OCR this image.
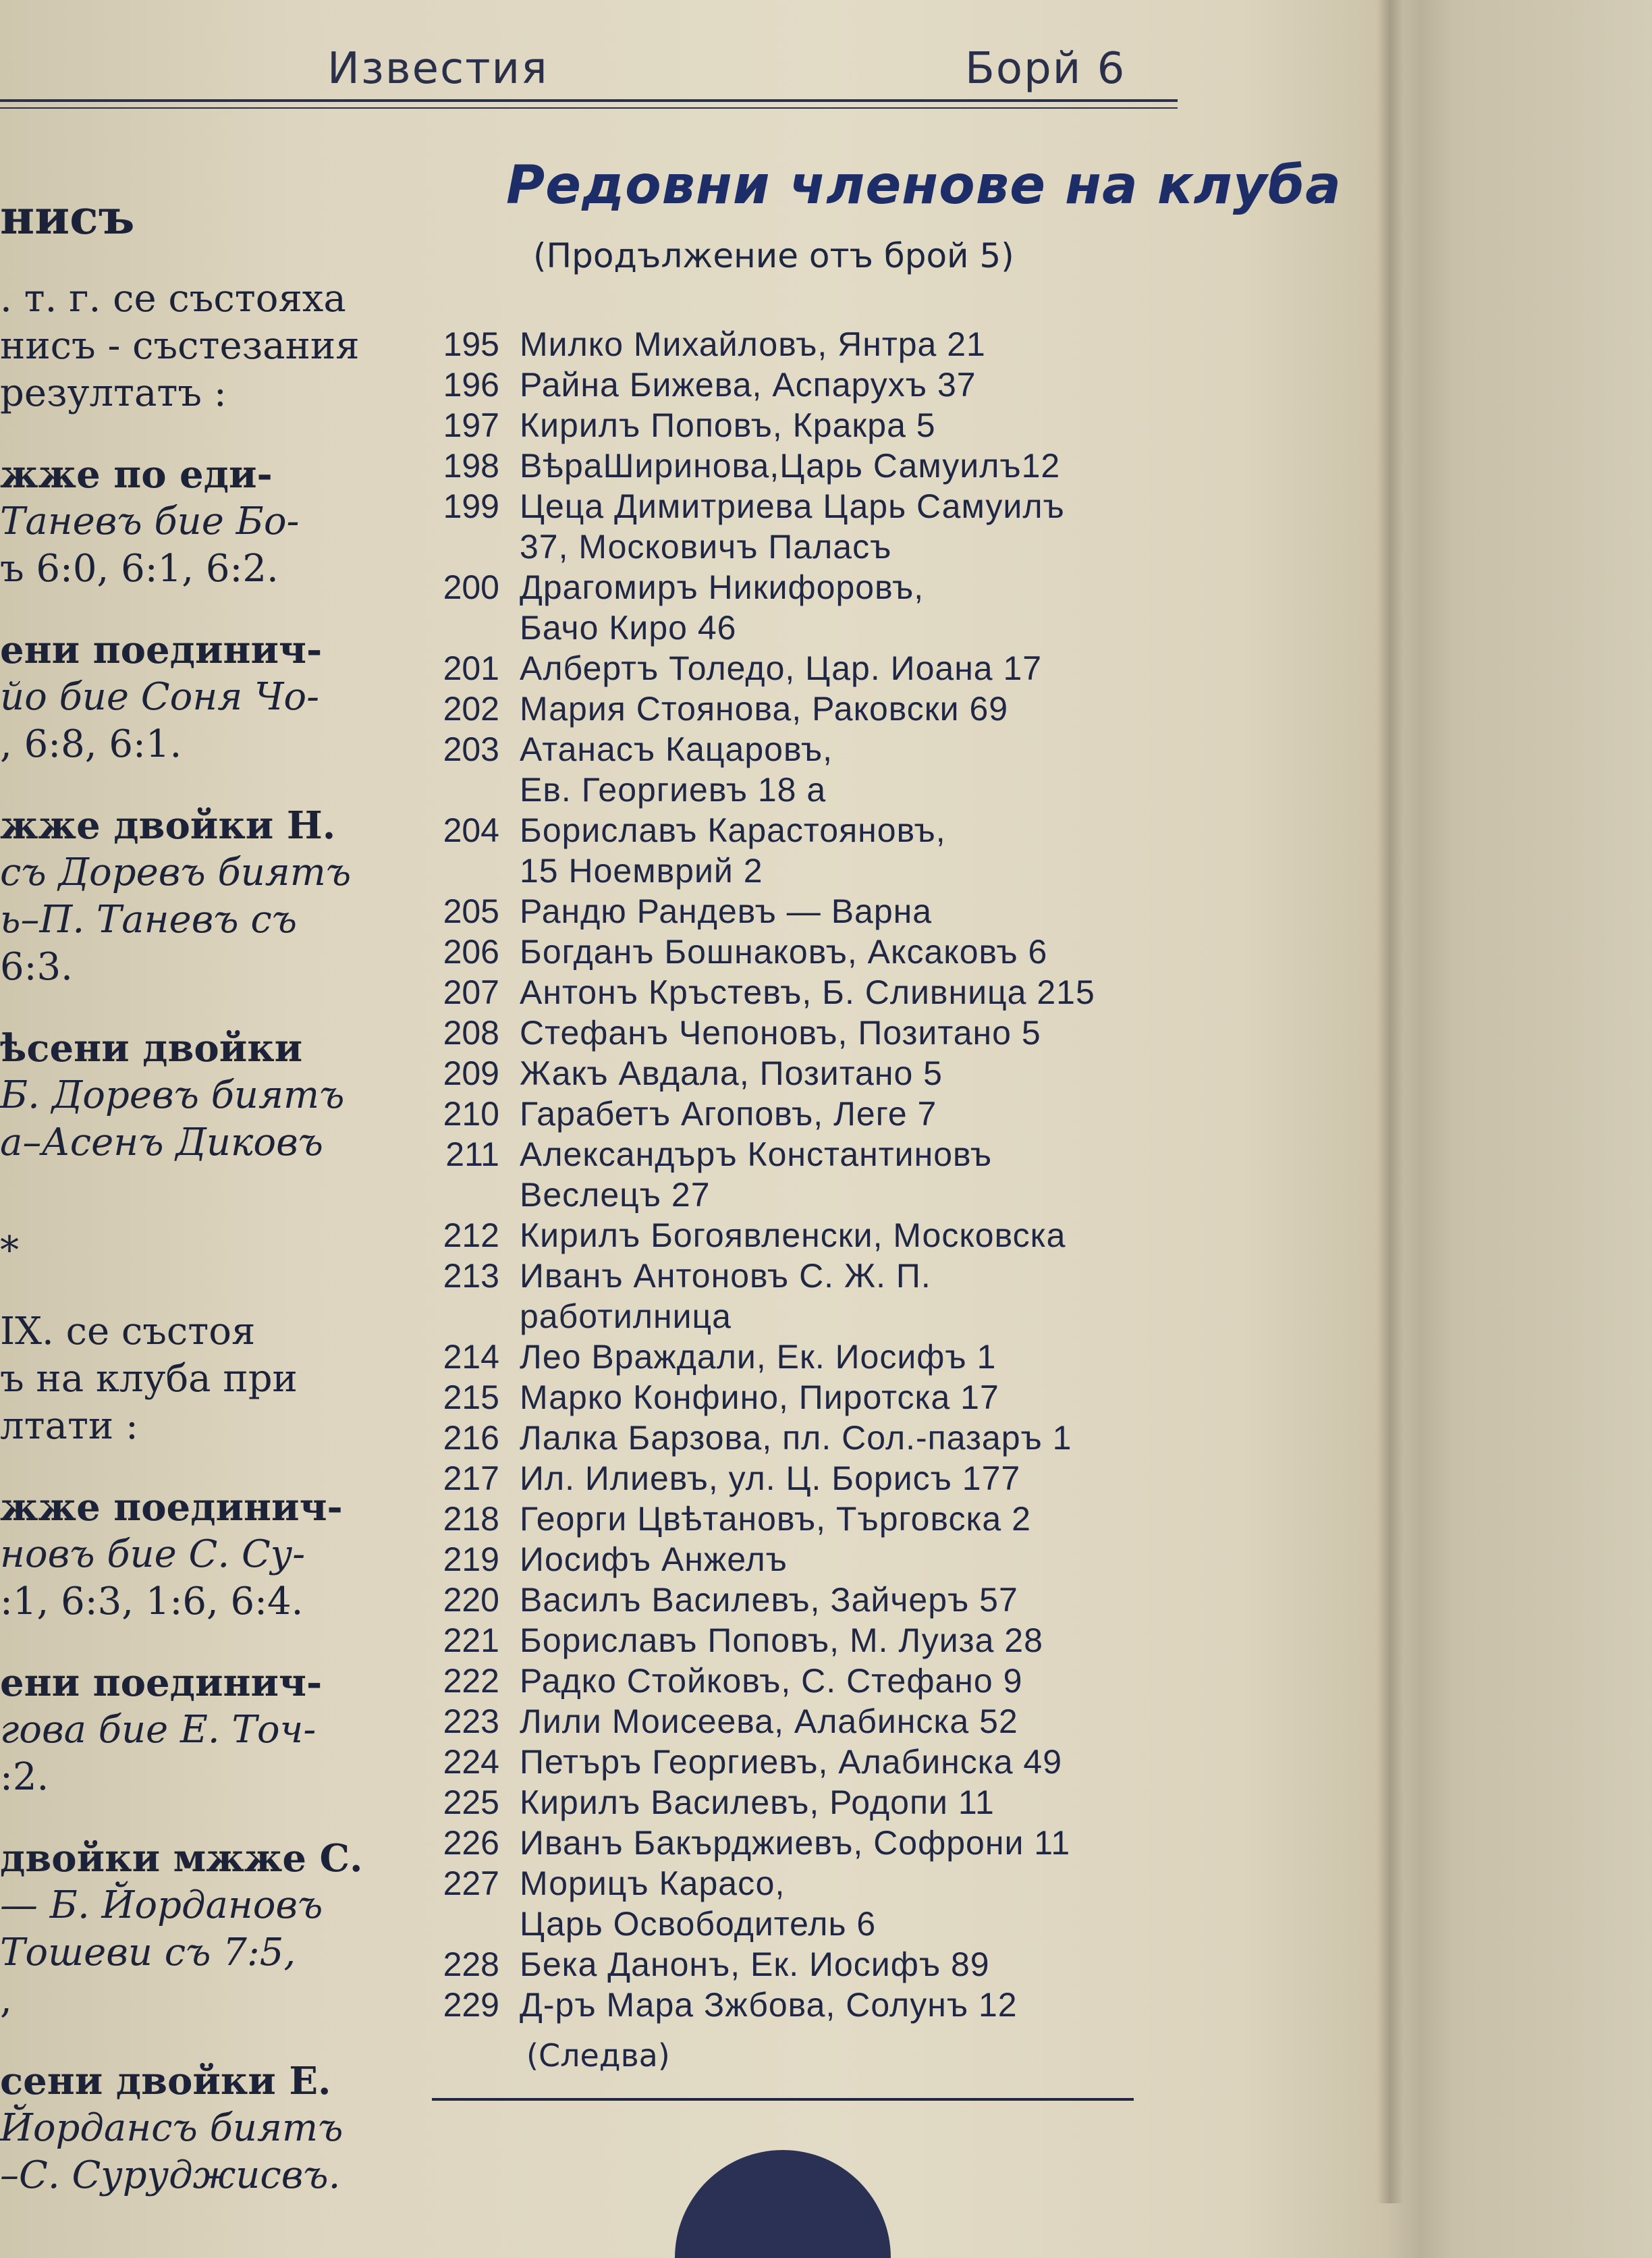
Известия	Борй 6
нисъ
. т. г. се състояха
нисъ - състезания
резултатъ :
жже по еди-
Таневъ бие Бо-
ъ 6:0, 6:1, 6:2.
ени поединич-
йо бие Соня Чо-
, 6:8, 6:1.
жже двойки Н.
съ Доревъ биятъ
ь–П. Таневъ съ
6:3.
ѣсени двойки
Б. Доревъ биятъ
а–Асенъ Диковъ
*
IX. се състоя
ъ на клуба при
лтати :
жже поединич-
новъ бие С. Су-
:1, 6:3, 1:6, 6:4.
ени поединич-
гова бие Е. Точ-
:2.
двойки мжже С.
— Б. Йордановъ
Тошеви съ 7:5,
,
сени двойки Е.
Йордансъ биятъ
–С. Суруджисвъ.
Редовни членове на клуба
(Продължение отъ брой 5)
195 Милко Михайловъ, Янтра 21
196 Райна Бижева, Аспарухъ 37
197 Кирилъ Поповъ, Кракра 5
198 ВѣраШиринова,Царь Самуилъ12
199 Цеца Димитриева Царь Самуилъ
37, Московичъ Паласъ
200 Драгомиръ Никифоровъ,
Бачо Киро 46
201 Албертъ Толедо, Цар. Иоана 17
202 Мария Стоянова, Раковски 69
203 Атанасъ Кацаровъ,
Ев. Георгиевъ 18 а
204 Бориславъ Карастояновъ,
15 Ноемврий 2
205 Рандю Рандевъ — Варна
206 Богданъ Бошнаковъ, Аксаковъ 6
207 Антонъ Кръстевъ, Б. Сливница 215
208 Стефанъ Чепоновъ, Позитано 5
209 Жакъ Авдала, Позитано 5
210 Гарабетъ Агоповъ, Леге 7
211 Александъръ Константиновъ
Веслецъ 27
212 Кирилъ Богоявленски, Московска
213 Иванъ Антоновъ С. Ж. П.
работилница
214 Лео Враждали, Ек. Иосифъ 1
215 Марко Конфино, Пиротска 17
216 Лалка Барзова, пл. Сол.-пазаръ 1
217 Ил. Илиевъ, ул. Ц. Борисъ 177
218 Георги Цвѣтановъ, Търговска 2
219 Иосифъ Анжелъ
220 Василъ Василевъ, Зайчеръ 57
221 Бориславъ Поповъ, М. Луиза 28
222 Радко Стойковъ, С. Стефано 9
223 Лили Моисеева, Алабинска 52
224 Петъръ Георгиевъ, Алабинска 49
225 Кирилъ Василевъ, Родопи 11
226 Иванъ Бакърджиевъ, Софрони 11
227 Морицъ Карасо,
Царь Освободитель 6
228 Бека Данонъ, Ек. Иосифъ 89
229 Д-ръ Мара Зжбова, Солунъ 12
(Следва)
